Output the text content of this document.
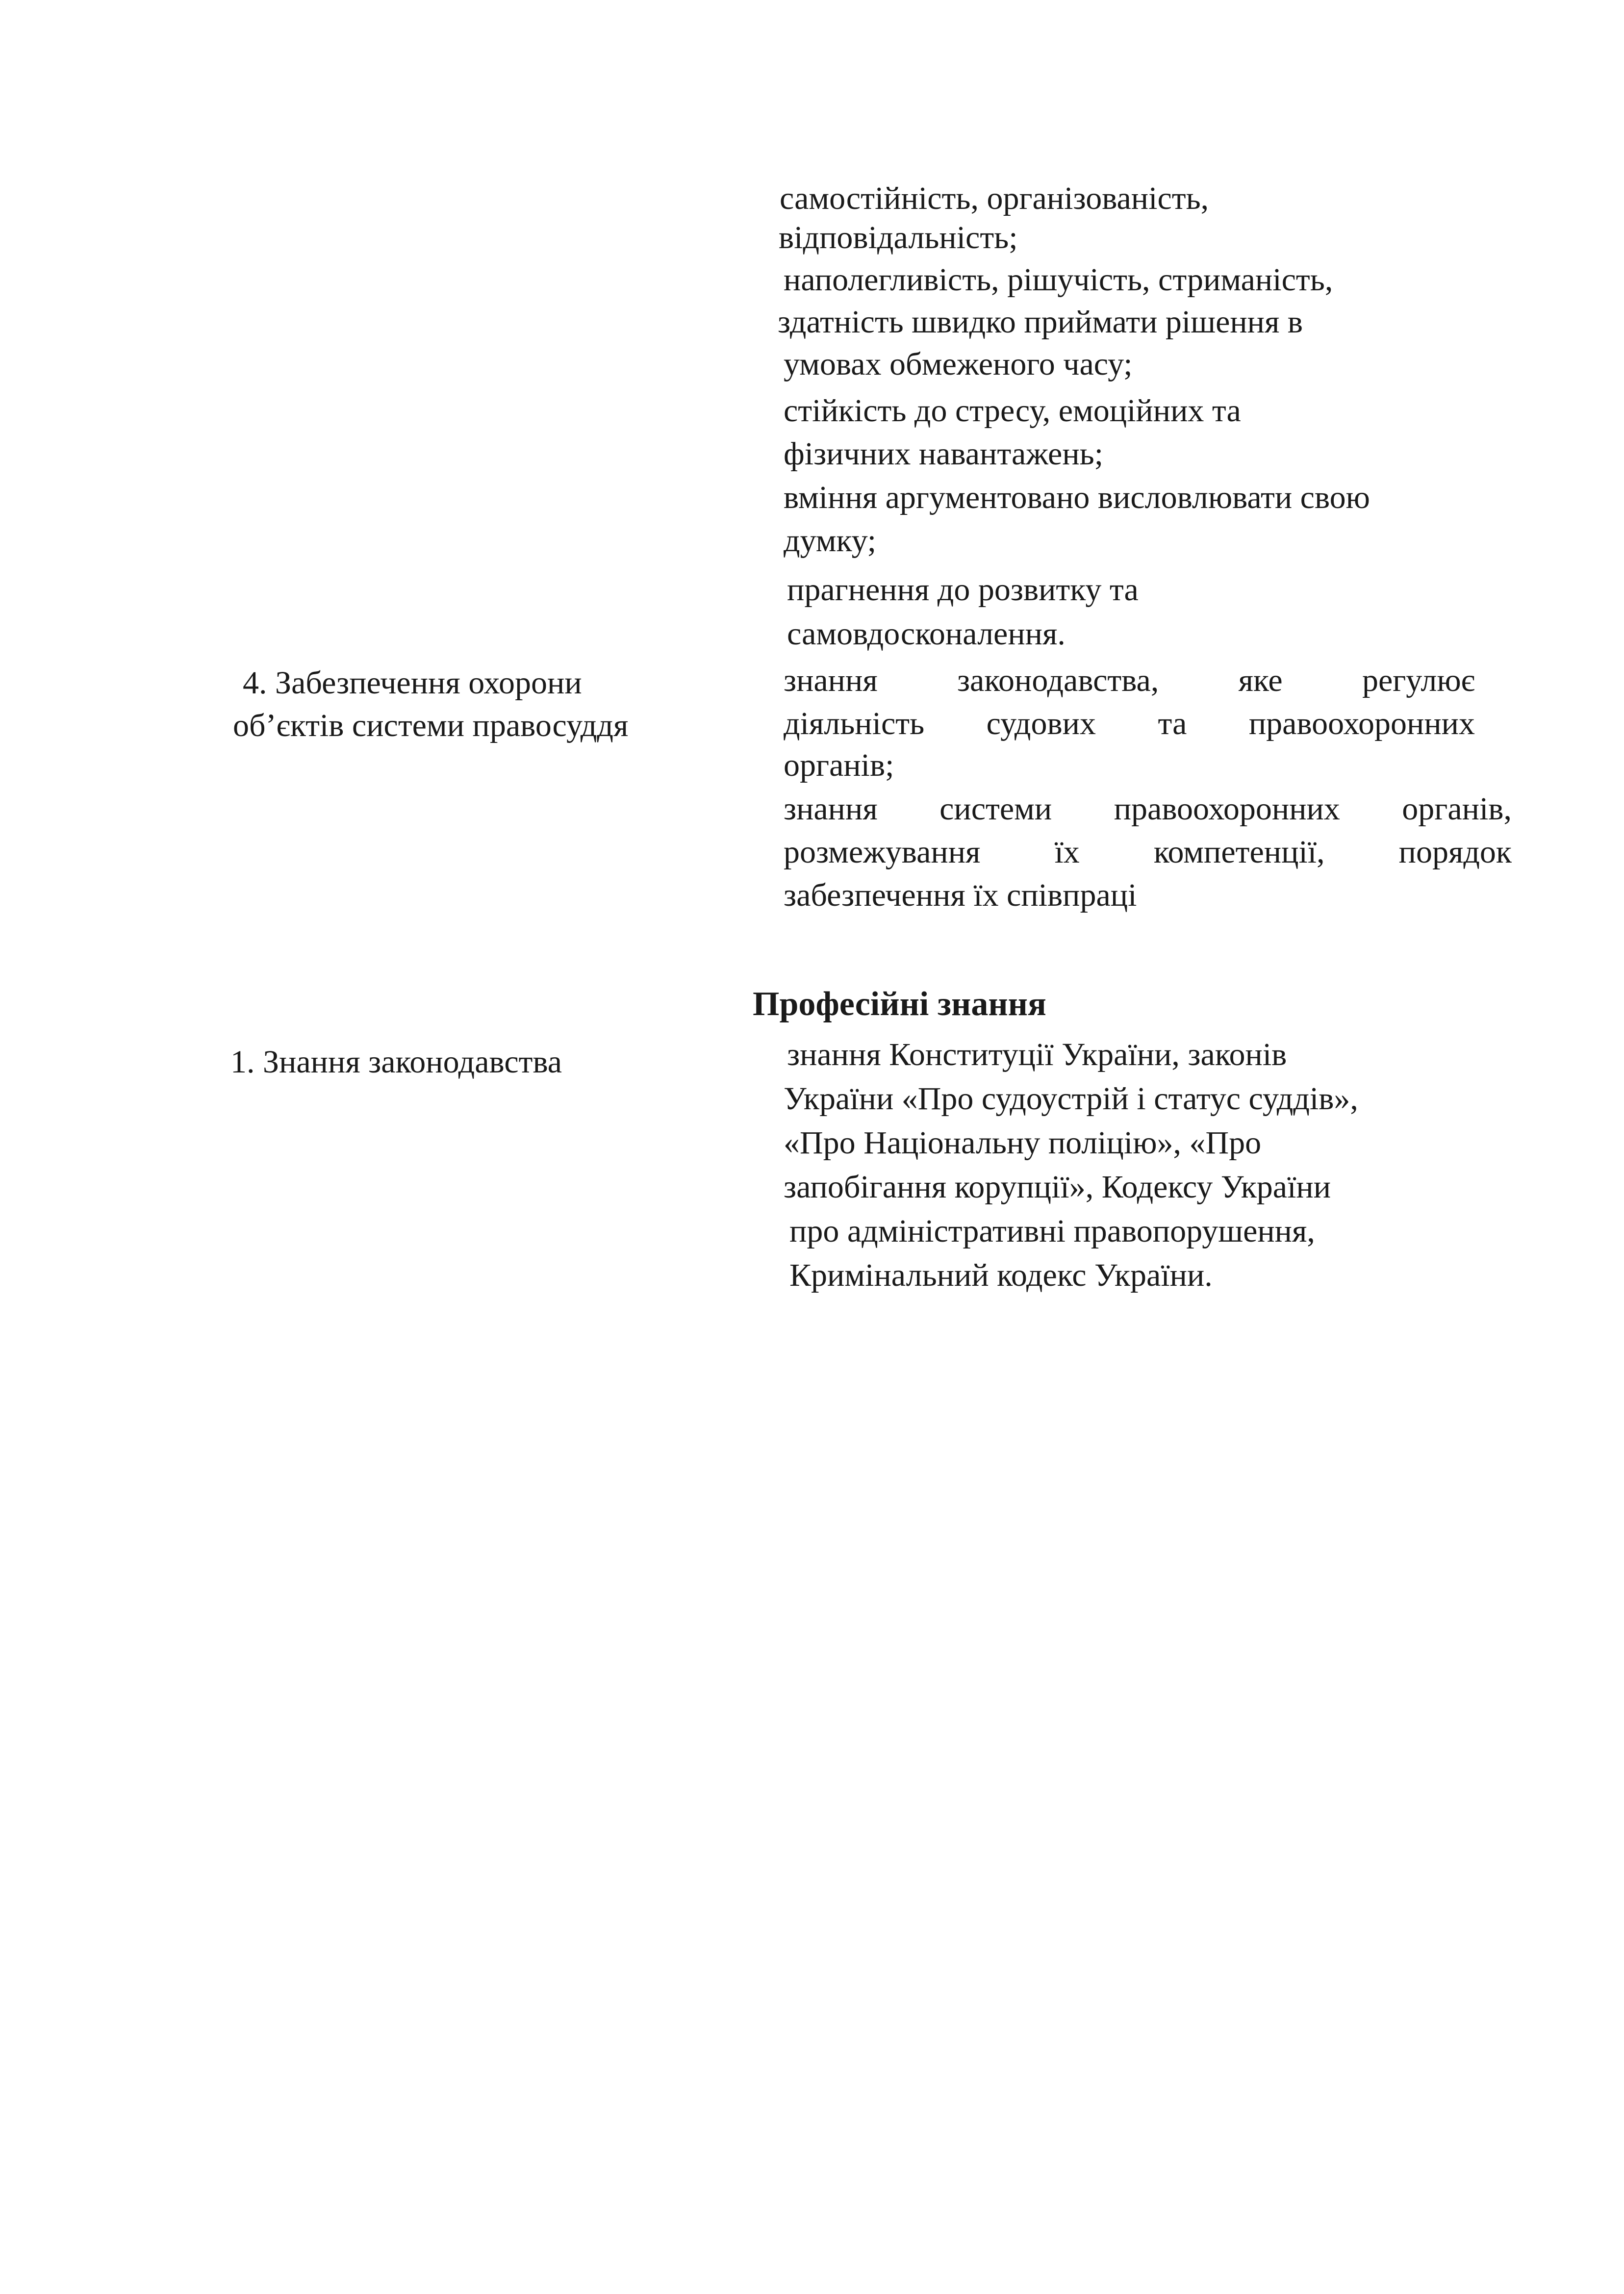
самостійність, організованість,
відповідальність;
наполегливість, рішучість, стриманість,
здатність швидко приймати рішення в
умовах обмеженого часу;
стійкість до стресу, емоційних та
фізичних навантажень;
вміння аргументовано висловлювати свою
думку;
прагнення до розвитку та
самовдосконалення.
4. Забезпечення охорони
об’єктів системи правосуддя
знання законодавства, яке регулює
діяльність судових та правоохоронних
органів;
знання системи правоохоронних органів,
розмежування їх компетенції, порядок
забезпечення їх співпраці
Професійні знання
1. Знання законодавства	знання Конституції України, законів
України «Про судоустрій і статус суддів»,
«Про Національну поліцію», «Про
запобігання корупції», Кодексу України
про адміністративні правопорушення,
Кримінальний кодекс України.
